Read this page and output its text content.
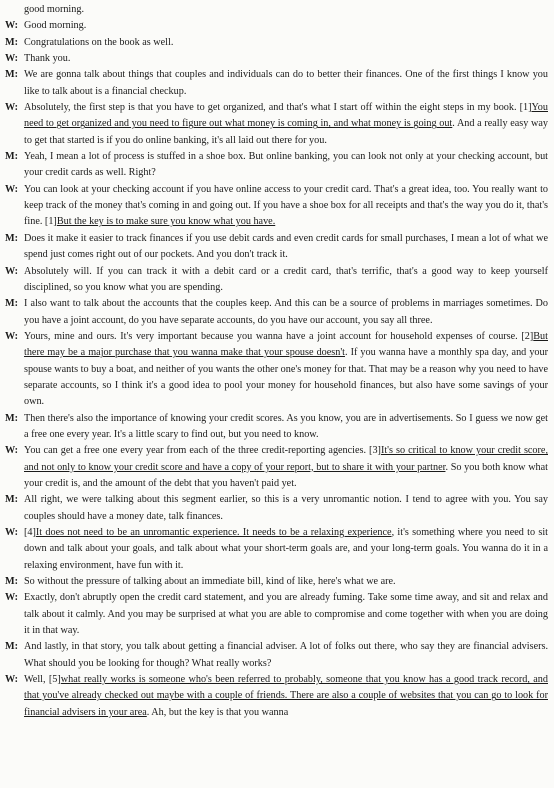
good morning.
W: Good morning.
M: Congratulations on the book as well.
W: Thank you.
M: We are gonna talk about things that couples and individuals can do to better their finances. One of the first things I know you like to talk about is a financial checkup.
W: Absolutely, the first step is that you have to get organized, and that's what I start off within the eight steps in my book. [1]You need to get organized and you need to figure out what money is coming in, and what money is going out. And a really easy way to get that started is if you do online banking, it's all laid out there for you.
M: Yeah, I mean a lot of process is stuffed in a shoe box. But online banking, you can look not only at your checking account, but your credit cards as well. Right?
W: You can look at your checking account if you have online access to your credit card. That's a great idea, too. You really want to keep track of the money that's coming in and going out. If you have a shoe box for all receipts and that's the way you do it, that's fine. [1]But the key is to make sure you know what you have.
M: Does it make it easier to track finances if you use debit cards and even credit cards for small purchases, I mean a lot of what we spend just comes right out of our pockets. And you don't track it.
W: Absolutely will. If you can track it with a debit card or a credit card, that's terrific, that's a good way to keep yourself disciplined, so you know what you are spending.
M: I also want to talk about the accounts that the couples keep. And this can be a source of problems in marriages sometimes. Do you have a joint account, do you have separate accounts, do you have our account, you say all three.
W: Yours, mine and ours. It's very important because you wanna have a joint account for household expenses of course. [2]But there may be a major purchase that you wanna make that your spouse doesn't. If you wanna have a monthly spa day, and your spouse wants to buy a boat, and neither of you wants the other one's money for that. That may be a reason why you need to have separate accounts, so I think it's a good idea to pool your money for household finances, but also have some savings of your own.
M: Then there's also the importance of knowing your credit scores. As you know, you are in advertisements. So I guess we now get a free one every year. It's a little scary to find out, but you need to know.
W: You can get a free one every year from each of the three credit-reporting agencies. [3]It's so critical to know your credit score, and not only to know your credit score and have a copy of your report, but to share it with your partner. So you both know what your credit is, and the amount of the debt that you haven't paid yet.
M: All right, we were talking about this segment earlier, so this is a very unromantic notion. I tend to agree with you. You say couples should have a money date, talk finances.
W: [4]It does not need to be an unromantic experience. It needs to be a relaxing experience, it's something where you need to sit down and talk about your goals, and talk about what your short-term goals are, and your long-term goals. You wanna do it in a relaxing environment, have fun with it.
M: So without the pressure of talking about an immediate bill, kind of like, here's what we are.
W: Exactly, don't abruptly open the credit card statement, and you are already fuming. Take some time away, and sit and relax and talk about it calmly. And you may be surprised at what you are able to compromise and come together with when you are doing it in that way.
M: And lastly, in that story, you talk about getting a financial adviser. A lot of folks out there, who say they are financial advisers. What should you be looking for though? What really works?
W: Well, [5]what really works is someone who's been referred to probably, someone that you know has a good track record, and that you've already checked out maybe with a couple of friends. There are also a couple of websites that you can go to look for financial advisers in your area. Ah, but the key is that you wanna
